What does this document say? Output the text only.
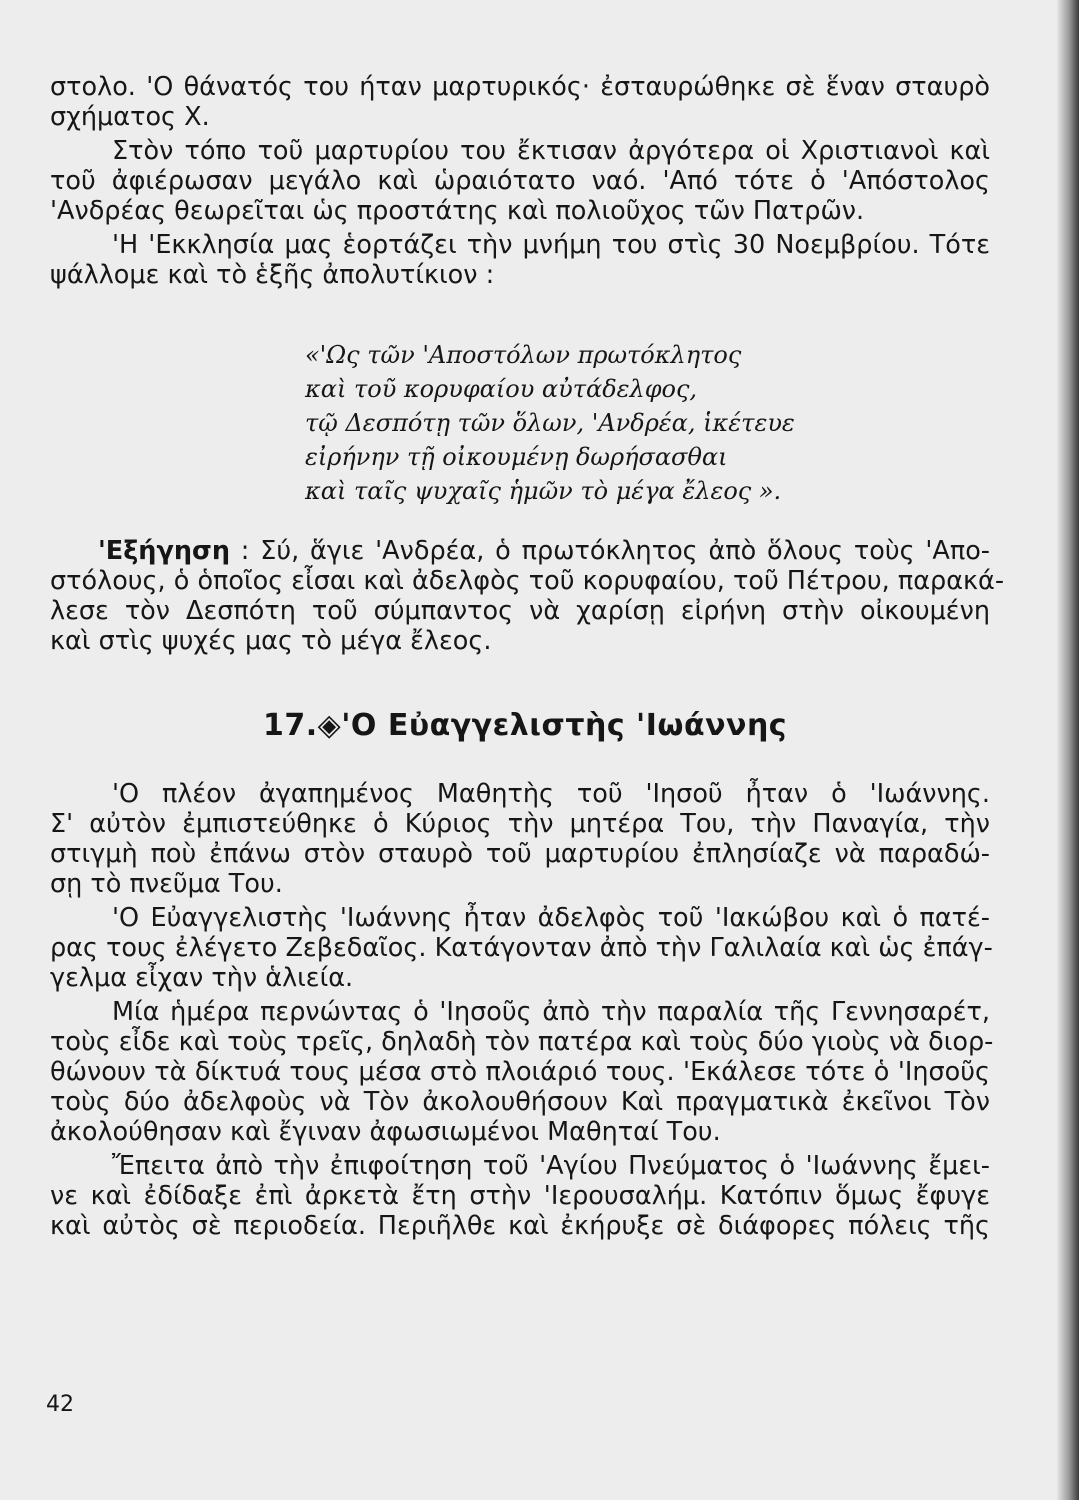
στολο. 'Ο θάνατός του ήταν μαρτυρικός· ἐσταυρώθηκε σὲ ἕναν σταυρὸ

σχήματος X.

Στὸν τόπο τοῦ μαρτυρίου του ἔκτισαν ἀργότερα οἱ Χριστιανοὶ καὶ

τοῦ ἀφιέρωσαν μεγάλο καὶ ὡραιότατο ναό. 'Από τότε ὁ 'Απόστολος

'Ανδρέας θεωρεῖται ὡς προστάτης καὶ πολιοῦχος τῶν Πατρῶν.

'Η 'Εκκλησία μας ἑορτάζει τὴν μνήμη του στὶς 30 Νοεμβρίου. Τότε

ψάλλομε καὶ τὸ ἑξῆς ἀπολυτίκιον :

«'Ως τῶν 'Αποστόλων πρωτόκλητος

καὶ τοῦ κορυφαίου αὐτάδελφος,

τῷ Δεσπότῃ τῶν ὅλων, 'Ανδρέα, ἱκέτευε

εἰρήνην τῇ οἰκουμένῃ δωρήσασθαι

καὶ ταῖς ψυχαῖς ἡμῶν τὸ μέγα ἔλεος ».

'Εξήγηση : Σύ, ἅγιε 'Ανδρέα, ὁ πρωτόκλητος ἀπὸ ὅλους τοὺς 'Απο-

στόλους, ὁ ὁποῖος εἶσαι καὶ ἀδελφὸς τοῦ κορυφαίου, τοῦ Πέτρου, παρακά-

λεσε τὸν Δεσπότη τοῦ σύμπαντος νὰ χαρίσῃ εἰρήνη στὴν οἰκουμένη

καὶ στὶς ψυχές μας τὸ μέγα ἔλεος.

17.◈'Ο Εὐαγγελιστὴς 'Ιωάννης

'Ο πλέον ἀγαπημένος Μαθητὴς τοῦ 'Ιησοῦ ἦταν ὁ 'Ιωάννης.

Σ' αὐτὸν ἐμπιστεύθηκε ὁ Κύριος τὴν μητέρα Του, τὴν Παναγία, τὴν

στιγμὴ ποὺ ἐπάνω στὸν σταυρὸ τοῦ μαρτυρίου ἐπλησίαζε νὰ παραδώ-

σῃ τὸ πνεῦμα Του.

'Ο Εὐαγγελιστὴς 'Ιωάννης ἦταν ἀδελφὸς τοῦ 'Ιακώβου καὶ ὁ πατέ-

ρας τους ἐλέγετο Ζεβεδαῖος. Κατάγονταν ἀπὸ τὴν Γαλιλαία καὶ ὡς ἐπάγ-

γελμα εἶχαν τὴν ἁλιεία.

Μία ἡμέρα περνώντας ὁ 'Ιησοῦς ἀπὸ τὴν παραλία τῆς Γεννησαρέτ,

τοὺς εἶδε καὶ τοὺς τρεῖς, δηλαδὴ τὸν πατέρα καὶ τοὺς δύο γιοὺς νὰ διορ-

θώνουν τὰ δίκτυά τους μέσα στὸ πλοιάριό τους. 'Εκάλεσε τότε ὁ 'Ιησοῦς

τοὺς δύο ἀδελφοὺς νὰ Τὸν ἀκολουθήσουν Καὶ πραγματικὰ ἐκεῖνοι Τὸν

ἀκολούθησαν καὶ ἔγιναν ἀφωσιωμένοι Μαθηταί Του.

Ἔπειτα ἀπὸ τὴν ἐπιφοίτηση τοῦ 'Αγίου Πνεύματος ὁ 'Ιωάννης ἔμει-

νε καὶ ἐδίδαξε ἐπὶ ἀρκετὰ ἔτη στὴν 'Ιερουσαλήμ. Κατόπιν ὅμως ἔφυγε

καὶ αὐτὸς σὲ περιοδεία. Περιῆλθε καὶ ἐκήρυξε σὲ διάφορες πόλεις τῆς

42
